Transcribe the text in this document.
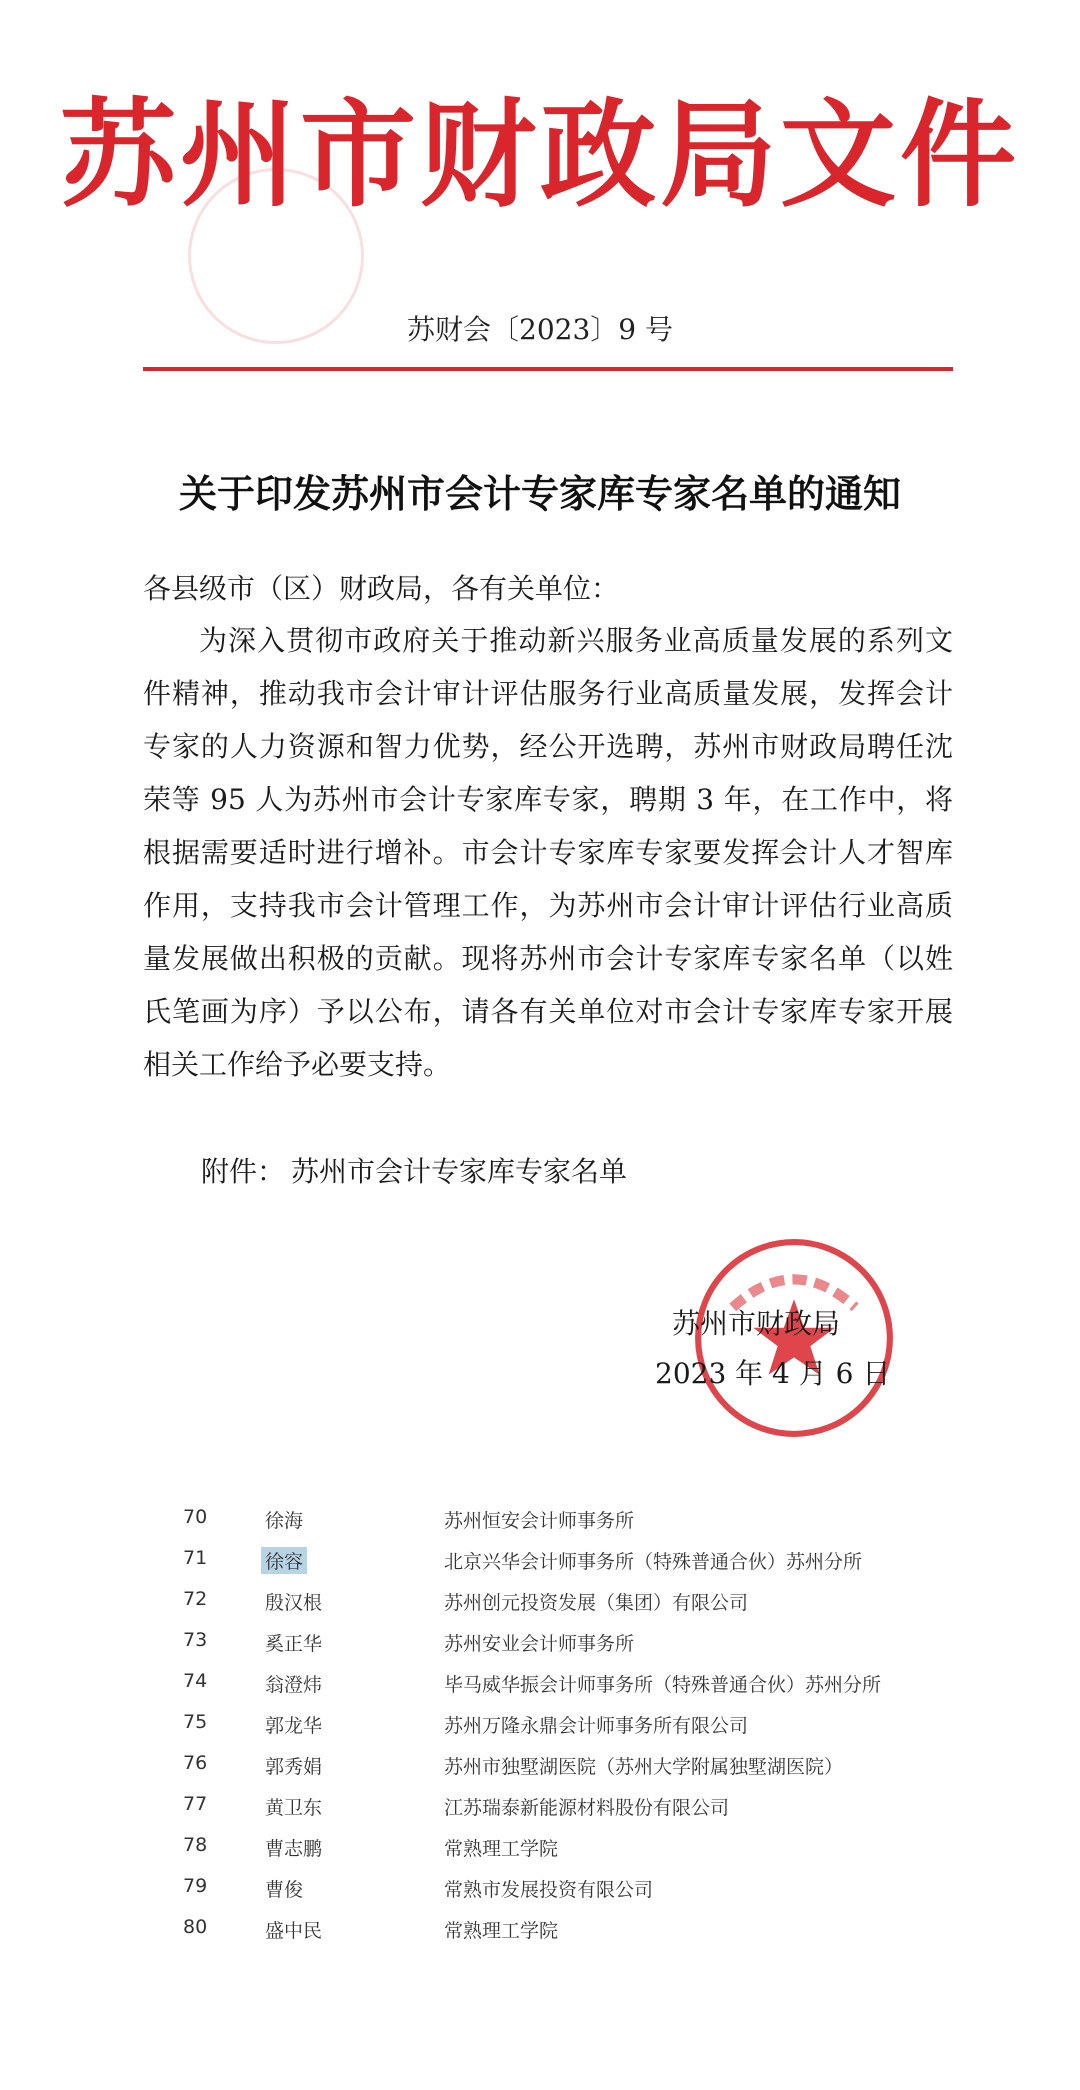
苏州市财政局文件
苏财会〔2023〕9 号
关于印发苏州市会计专家库专家名单的通知
各县级市（区）财政局，各有关单位：
为深入贯彻市政府关于推动新兴服务业高质量发展的系列文件精神，推动我市会计审计评估服务行业高质量发展，发挥会计专家的人力资源和智力优势，经公开选聘，苏州市财政局聘任沈荣等 95 人为苏州市会计专家库专家，聘期 3 年，在工作中，将根据需要适时进行增补。市会计专家库专家要发挥会计人才智库作用，支持我市会计管理工作，为苏州市会计审计评估行业高质量发展做出积极的贡献。现将苏州市会计专家库专家名单（以姓氏笔画为序）予以公布，请各有关单位对市会计专家库专家开展相关工作给予必要支持。
附件： 苏州市会计专家库专家名单
苏州市财政局
2023 年 4 月 6 日
70	徐海	苏州恒安会计师事务所
71	徐容	北京兴华会计师事务所（特殊普通合伙）苏州分所
72	殷汉根	苏州创元投资发展（集团）有限公司
73	奚正华	苏州安业会计师事务所
74	翁澄炜	毕马威华振会计师事务所（特殊普通合伙）苏州分所
75	郭龙华	苏州万隆永鼎会计师事务所有限公司
76	郭秀娟	苏州市独墅湖医院（苏州大学附属独墅湖医院）
77	黄卫东	江苏瑞泰新能源材料股份有限公司
78	曹志鹏	常熟理工学院
79	曹俊	常熟市发展投资有限公司
80	盛中民	常熟理工学院
